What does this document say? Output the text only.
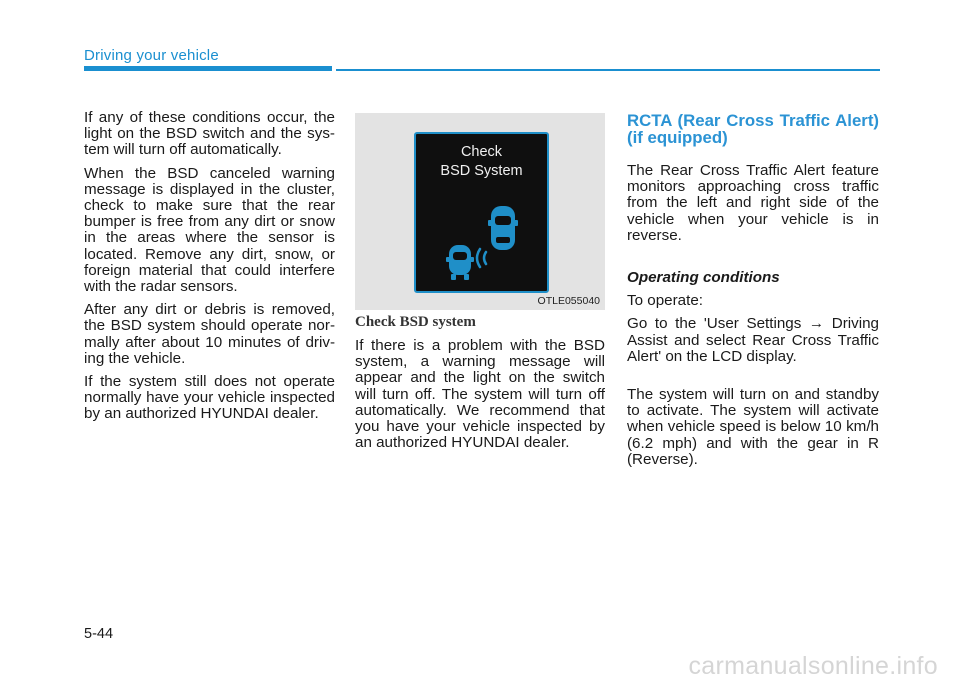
Driving your vehicle

If any of these conditions occur, the light on the BSD switch and the sys-tem will turn off automatically.

When the BSD canceled warning message is displayed in the cluster, check to make sure that the rear bumper is free from any dirt or snow in the areas where the sensor is located. Remove any dirt, snow, or foreign material that could interfere with the radar sensors.

After any dirt or debris is removed, the BSD system should operate nor-mally after about 10 minutes of driv-ing the vehicle.

If the system still does not operate normally have your vehicle inspected by an authorized HYUNDAI dealer.

Check
BSD System
OTLE055040
Check BSD system

If there is a problem with the BSD system, a warning message will appear and the light on the switch will turn off. The system will turn off automatically. We recommend that you have your vehicle inspected by an authorized HYUNDAI dealer.

RCTA (Rear Cross Traffic Alert) (if equipped)

The Rear Cross Traffic Alert feature monitors approaching cross traffic from the left and right side of the vehicle when your vehicle is in reverse.

Operating conditions

To operate:

Go to the 'User Settings → Driving Assist and select Rear Cross Traffic Alert' on the LCD display.

The system will turn on and standby to activate. The system will activate when vehicle speed is below 10 km/h (6.2 mph) and with the gear in R (Reverse).

5-44
carmanualsonline.info
